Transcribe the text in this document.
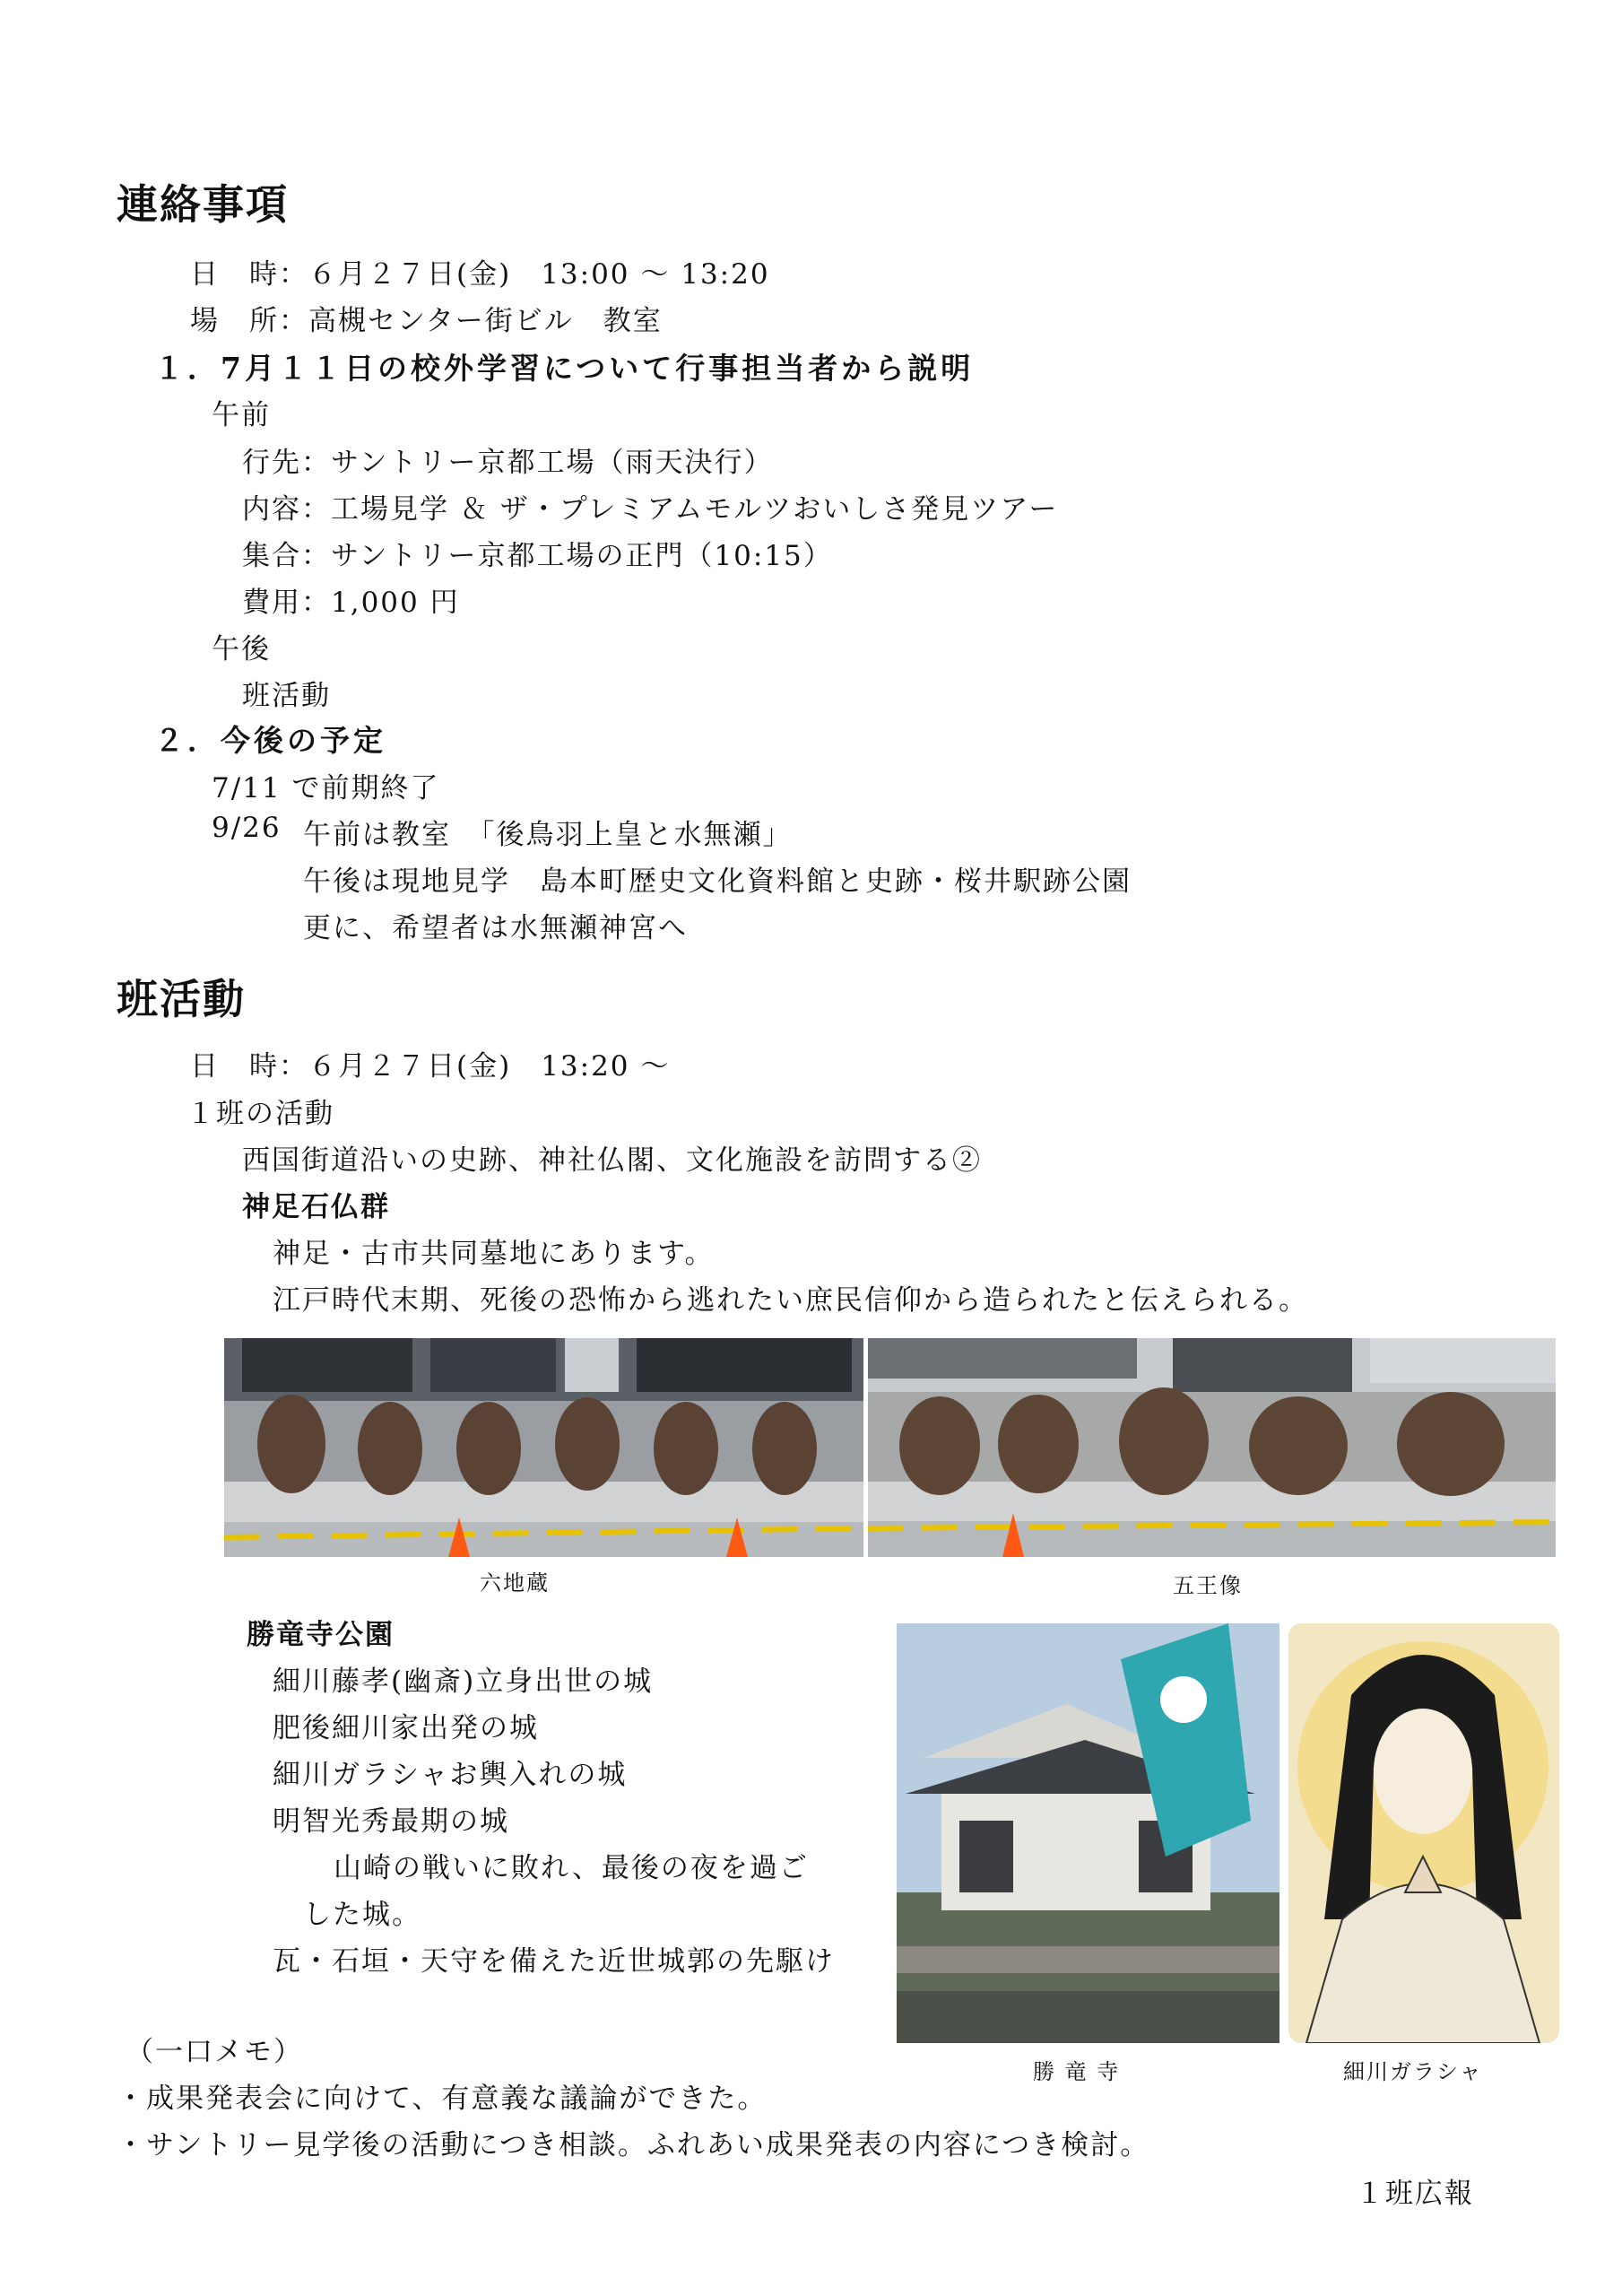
連絡事項
日　時：６月２７日(金)　13:00 〜 13:20
場　所：高槻センター街ビル　教室
１．7月１１日の校外学習について行事担当者から説明
午前
行先：サントリー京都工場（雨天決行）
内容：工場見学 ＆ ザ・プレミアムモルツおいしさ発見ツアー
集合：サントリー京都工場の正門（10:15）
費用：1,000 円
午後
班活動
２．今後の予定
7/11 で前期終了
9/26 午前は教室　「後鳥羽上皇と水無瀬」
午後は現地見学　島本町歴史文化資料館と史跡・桜井駅跡公園
更に、希望者は水無瀬神宮へ
班活動
日　時：６月２７日(金)　13:20 〜
１班の活動
西国街道沿いの史跡、神社仏閣、文化施設を訪問する②
神足石仏群
神足・古市共同墓地にあります。
江戸時代末期、死後の恐怖から逃れたい庶民信仰から造られたと伝えられる。
六地蔵	五王像
勝竜寺公園
細川藤孝(幽斎)立身出世の城
肥後細川家出発の城
細川ガラシャお輿入れの城
明智光秀最期の城
山崎の戦いに敗れ、最後の夜を過ご
した城。
瓦・石垣・天守を備えた近世城郭の先駆け
勝 竜 寺	細川ガラシャ
（一口メモ）
・成果発表会に向けて、有意義な議論ができた。
・サントリー見学後の活動につき相談。ふれあい成果発表の内容につき検討。
１班広報
